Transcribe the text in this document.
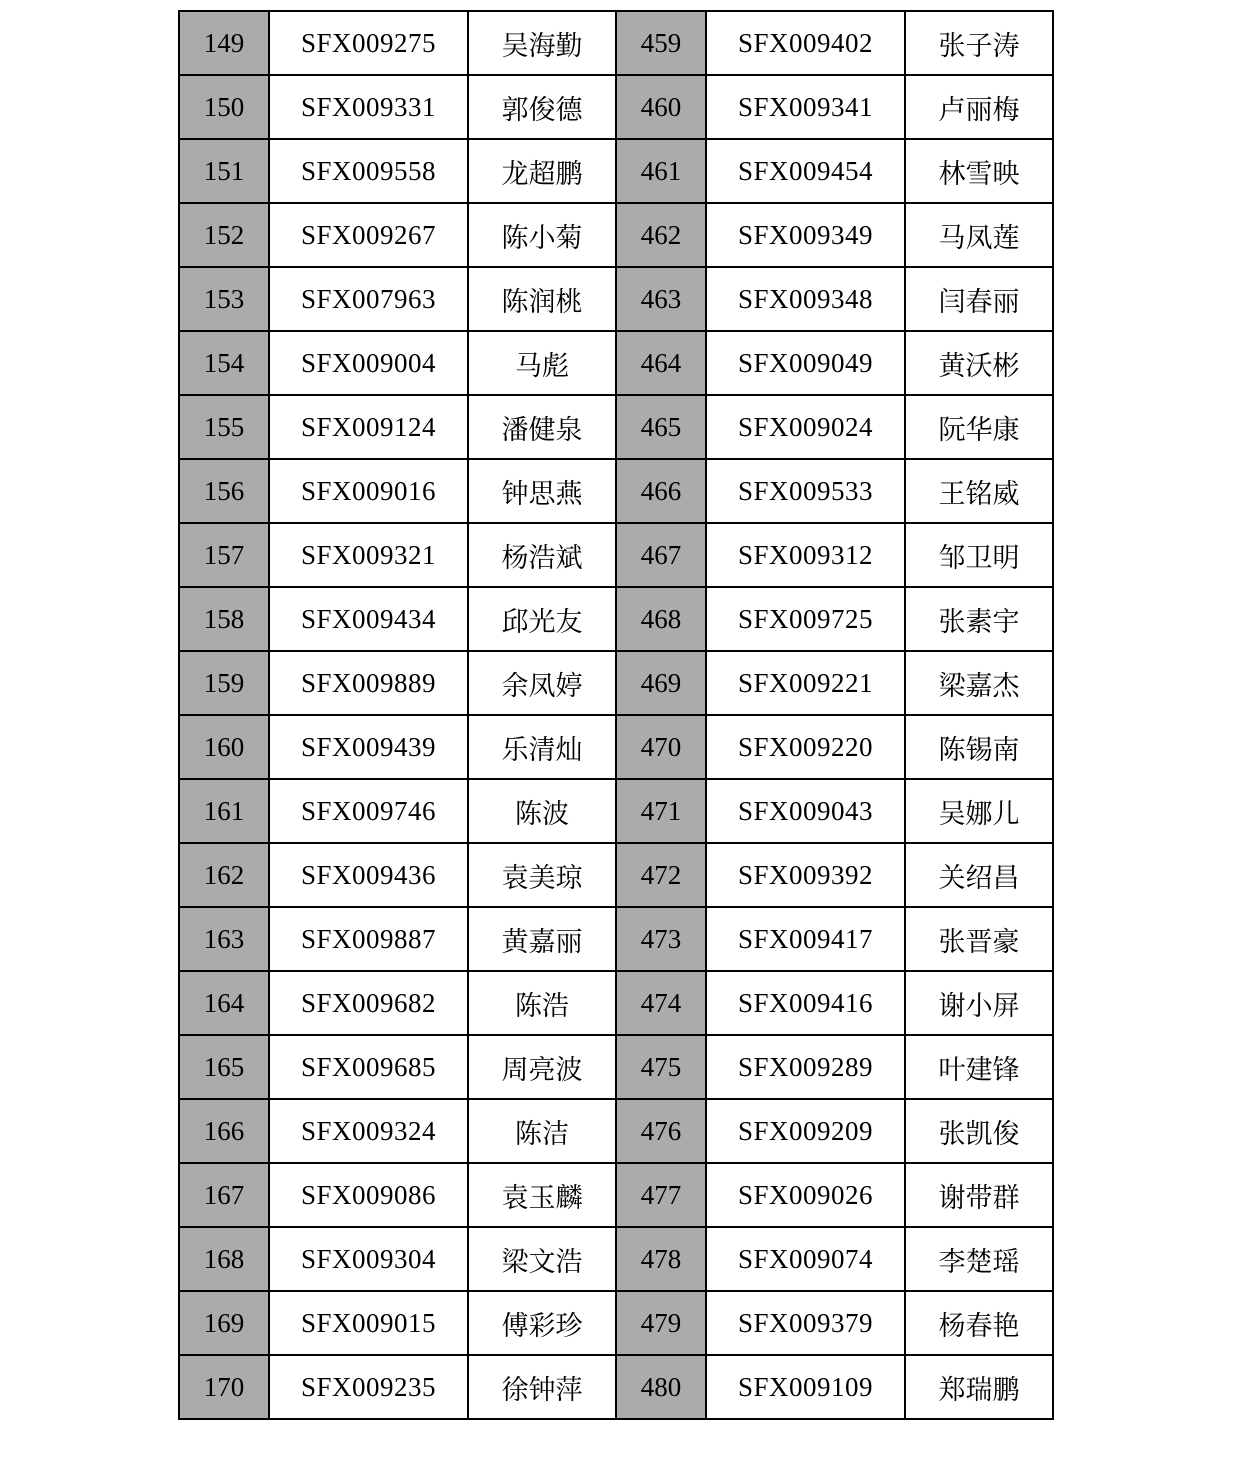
149	SFX009275	吴海勤	459	SFX009402	张子涛
150	SFX009331	郭俊德	460	SFX009341	卢丽梅
151	SFX009558	龙超鹏	461	SFX009454	林雪映
152	SFX009267	陈小菊	462	SFX009349	马凤莲
153	SFX007963	陈润桃	463	SFX009348	闫春丽
154	SFX009004	马彪	464	SFX009049	黄沃彬
155	SFX009124	潘健泉	465	SFX009024	阮华康
156	SFX009016	钟思燕	466	SFX009533	王铭威
157	SFX009321	杨浩斌	467	SFX009312	邹卫明
158	SFX009434	邱光友	468	SFX009725	张素宇
159	SFX009889	余凤婷	469	SFX009221	梁嘉杰
160	SFX009439	乐清灿	470	SFX009220	陈锡南
161	SFX009746	陈波	471	SFX009043	吴娜儿
162	SFX009436	袁美琼	472	SFX009392	关绍昌
163	SFX009887	黄嘉丽	473	SFX009417	张晋豪
164	SFX009682	陈浩	474	SFX009416	谢小屏
165	SFX009685	周亮波	475	SFX009289	叶建锋
166	SFX009324	陈洁	476	SFX009209	张凯俊
167	SFX009086	袁玉麟	477	SFX009026	谢带群
168	SFX009304	梁文浩	478	SFX009074	李楚瑶
169	SFX009015	傅彩珍	479	SFX009379	杨春艳
170	SFX009235	徐钟萍	480	SFX009109	郑瑞鹏
